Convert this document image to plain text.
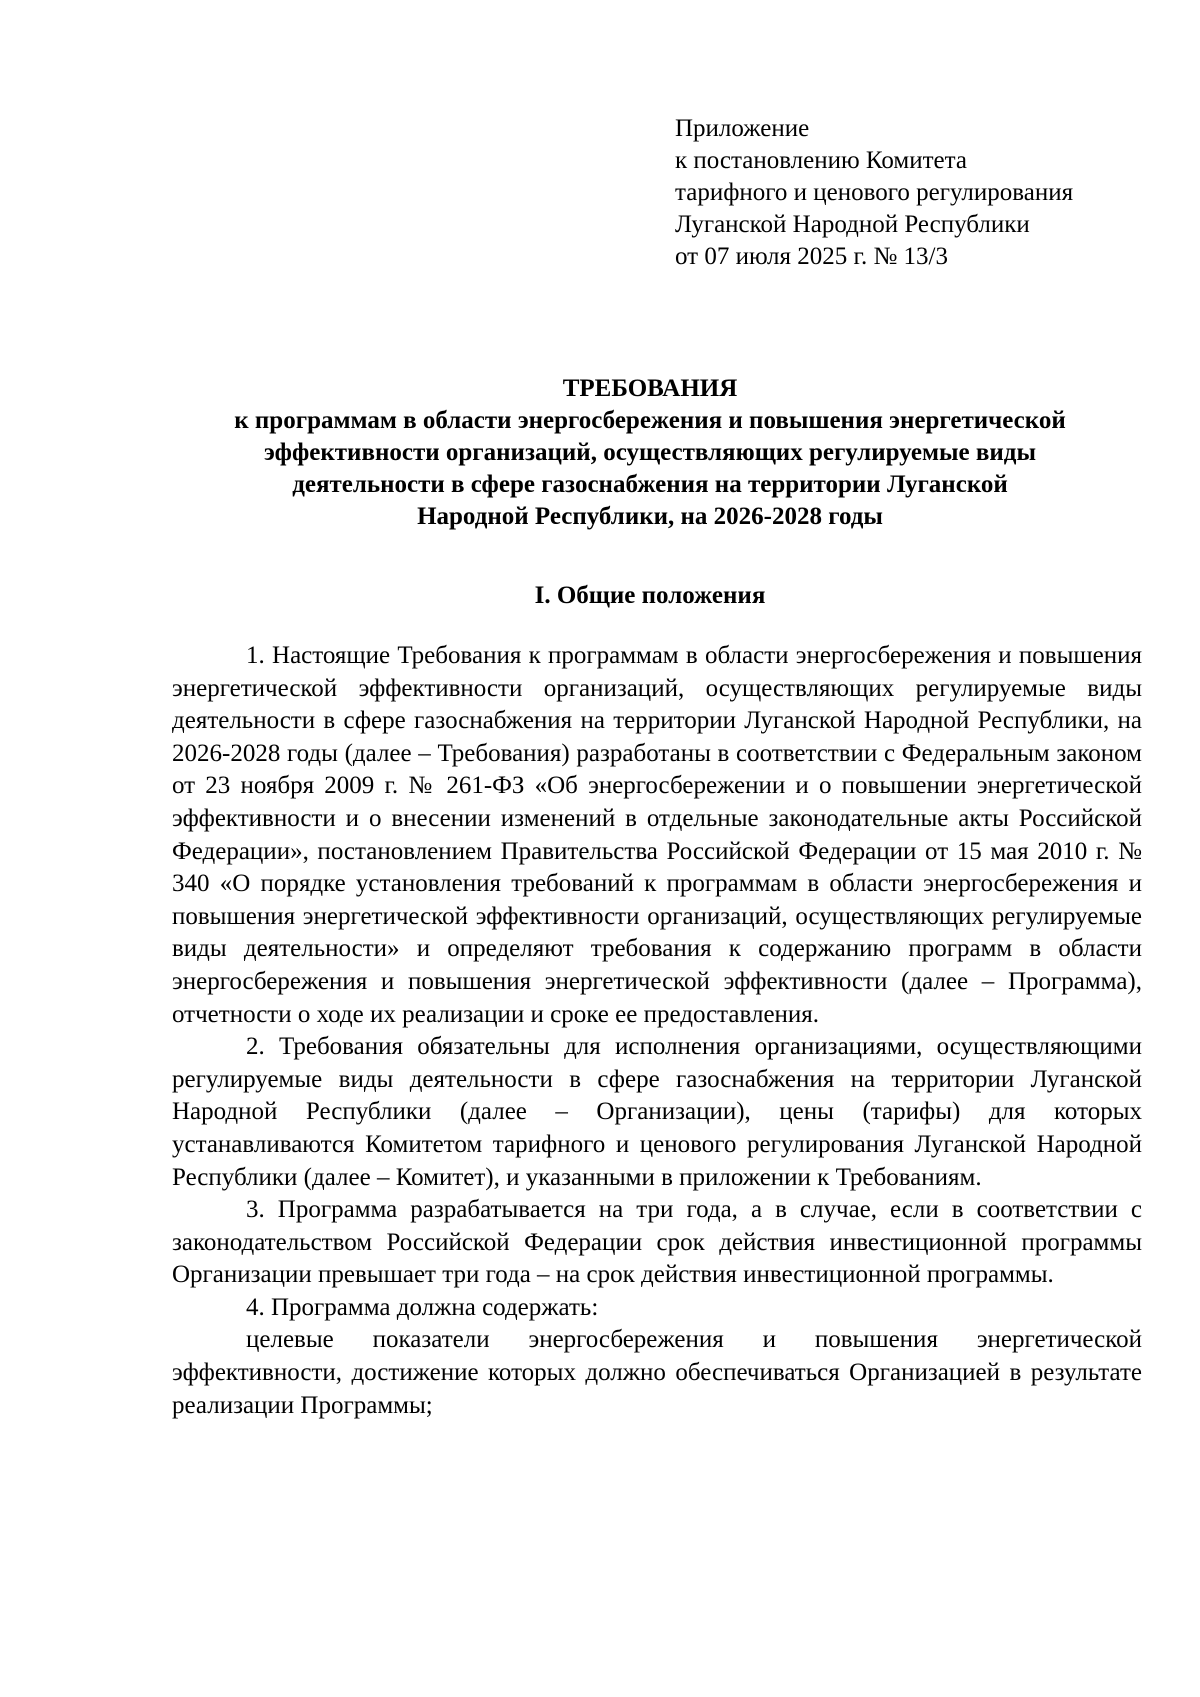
Приложение
к постановлению Комитета
тарифного и ценового регулирования
Луганской Народной Республики
от 07 июля 2025 г. № 13/3
ТРЕБОВАНИЯ
к программам в области энергосбережения и повышения энергетической
эффективности организаций, осуществляющих регулируемые виды
деятельности в сфере газоснабжения на территории Луганской
Народной Республики, на 2026-2028 годы
I. Общие положения

1. Настоящие Требования к программам в области энергосбережения и повышения энергетической эффективности организаций, осуществляющих регулируемые виды деятельности в сфере газоснабжения на территории Луганской Народной Республики, на 2026-2028 годы (далее – Требования) разработаны в соответствии с Федеральным законом от 23 ноября 2009 г. № 261-ФЗ «Об энергосбережении и о повышении энергетической эффективности и о внесении изменений в отдельные законодательные акты Российской Федерации», постановлением Правительства Российской Федерации от 15 мая 2010 г. № 340 «О порядке установления требований к программам в области энергосбережения и повышения энергетической эффективности организаций, осуществляющих регулируемые виды деятельности» и определяют требования к содержанию программ в области энергосбережения и повышения энергетической эффективности (далее – Программа), отчетности о ходе их реализации и сроке ее предоставления.

2. Требования обязательны для исполнения организациями, осуществляющими регулируемые виды деятельности в сфере газоснабжения на территории Луганской Народной Республики (далее – Организации), цены (тарифы) для которых устанавливаются Комитетом тарифного и ценового регулирования Луганской Народной Республики (далее – Комитет), и указанными в приложении к Требованиям.

3. Программа разрабатывается на три года, а в случае, если в соответствии с законодательством Российской Федерации срок действия инвестиционной программы Организации превышает три года – на срок действия инвестиционной программы.

4. Программа должна содержать:

целевые показатели энергосбережения и повышения энергетической эффективности, достижение которых должно обеспечиваться Организацией в результате реализации Программы;
